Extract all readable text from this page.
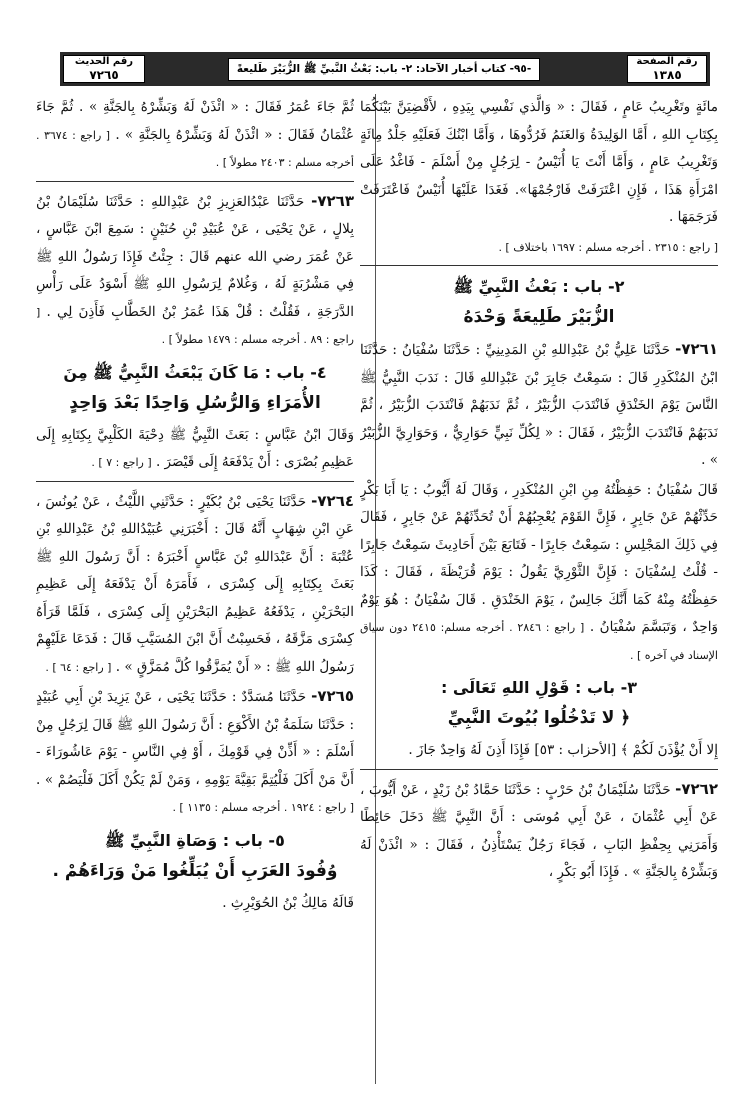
رقم الصفحة
١٣٨٥
-٩٥- كتاب أخبار الآحاد: ٢- باب: بَعْثُ النَّبيِّ ﷺ الزُّبَيْرَ طَليعةً
رقم الحديث
٧٢٦٥

مائَةٍ وتَغْرِيبُ عَامٍ ، فَقَالَ : « وَالَّذي نَفْسِي بِيَدِهِ ، لأَقْضِيَنَّ بَيْنَكُمَا بِكِتَابِ اللهِ ، أَمَّا الوَلِيدَةُ وَالغَنَمُ فَرُدُّوهَا ، وَأَمَّا ابْنُكَ فَعَلَيْهِ جَلْدُ مِائَةٍ وَتَغْرِيبُ عَامٍ ، وَأَمَّا أَنْتَ يَا أُنَيْسُ - لِرَجُلٍ مِنْ أَسْلَمَ - فَاغْدُ عَلَى امْرَأَةِ هَذَا ، فَإِنِ اعْتَرَفَتْ فَارْجُمْهَا». فَغَدَا عَلَيْهَا أُنَيْسٌ فَاعْتَرَفَتْ فَرَجَمَهَا .

[ راجع : ٢٣١٥ . أخرجه مسلم : ١٦٩٧ باختلاف ] .

٢- باب : بَعْثُ النَّبِيِّ ﷺ
الزُّبَيْرَ طَلِيعَةً وَحْدَهُ

٧٢٦١- حَدَّثَنَا عَلِيُّ بْنُ عَبْدِاللهِ بْنِ المَدِينِيِّ : حَدَّثَنَا سُفْيَانُ : حَدَّثَنَا ابْنُ المُنْكَدِرِ قَالَ : سَمِعْتُ جَابِرَ بْنَ عَبْدِاللهِ قَالَ : نَدَبَ النَّبِيُّ ﷺ النَّاسَ يَوْمَ الخَنْدَقِ فَانْتَدَبَ الزُّبَيْرُ ، ثُمَّ نَدَبَهُمْ فَانْتَدَبَ الزُّبَيْرُ ، ثُمَّ نَدَبَهُمْ فَانْتَدَبَ الزُّبَيْرُ ، فَقَالَ : « لِكُلِّ نَبِيٍّ حَوَارِيٌّ ، وَحَوَارِيَّ الزُّبَيْرُ » .

قَالَ سُفْيَانُ : حَفِظْتُهُ مِنِ ابْنِ المُنْكَدِرِ ، وَقَالَ لَهُ أَيُّوبُ : يَا أَبَا بَكْرٍ حَدِّثْهُمْ عَنْ جَابِرٍ ، فَإِنَّ القَوْمَ يُعْجِبُهُمْ أَنْ تُحَدِّثَهُمْ عَنْ جَابِرٍ ، فَقَالَ فِي ذَلِكَ المَجْلِسِ : سَمِعْتُ جَابِرًا - فَتَابَعَ بَيْنَ أَحَادِيثَ سَمِعْتُ جَابِرًا - قُلْتُ لِسُفْيَانَ : فَإِنَّ الثَّوْرِيَّ يَقُولُ : يَوْمَ قُرَيْظَةَ ، فَقَالَ : كَذَا حَفِظْتُهُ مِنْهُ كَمَا أَنَّكَ جَالِسٌ ، يَوْمَ الخَنْدَقِ . قَالَ سُفْيَانُ : هُوَ يَوْمٌ وَاحِدٌ ، وَتَبَسَّمَ سُفْيَانُ . [ راجع : ٢٨٤٦ . أخرجه مسلم: ٢٤١٥ دون سياق الإسناد في آخره ] .

٣- باب : قَوْلِ اللهِ تَعَالَى :
﴿ لا تَدْخُلُوا بُيُوتَ النَّبِيِّ

إِلا أَنْ يُؤْذَنَ لَكُمْ ﴾ [الأحزاب : ٥٣] فَإِذَا أَذِنَ لَهُ وَاحِدٌ جَازَ .

٧٢٦٢- حَدَّثَنَا سُلَيْمَانُ بْنُ حَرْبٍ : حَدَّثَنَا حَمَّادُ بْنُ زَيْدٍ ، عَنْ أَيُّوبَ ، عَنْ أَبِي عُثْمَانَ ، عَنْ أَبِي مُوسَى : أَنَّ النَّبِيَّ ﷺ دَخَلَ حَائِطًا وَأَمَرَنِي بِحِفْظِ البَابِ ، فَجَاءَ رَجُلٌ يَسْتَأْذِنُ ، فَقَالَ : « ائْذَنْ لَهُ وَبَشِّرْهُ بِالجَنَّةِ » . فَإِذَا أَبُو بَكْرٍ ،

ثُمَّ جَاءَ عُمَرُ فَقَالَ : « ائْذَنْ لَهُ وَبَشِّرْهُ بِالجَنَّةِ » . ثُمَّ جَاءَ عُثْمَانُ فَقَالَ : « ائْذَنْ لَهُ وَبَشِّرْهُ بِالجَنَّةِ » . [ راجع : ٣٦٧٤ . أخرجه مسلم : ٢٤٠٣ مطولاً ] .

٧٢٦٣- حَدَّثَنَا عَبْدُالعَزِيزِ بْنُ عَبْدِاللهِ : حَدَّثَنَا سُلَيْمَانُ بْنُ بِلالٍ ، عَنْ يَحْيَى ، عَنْ عُبَيْدِ بْنِ حُنَيْنٍ : سَمِعَ ابْنَ عَبَّاسٍ ، عَنْ عُمَرَ رضي الله عنهم قَالَ : جِئْتُ فَإِذَا رَسُولُ اللهِ ﷺ فِي مَشْرُبَةٍ لَهُ ، وَغُلامٌ لِرَسُولِ اللهِ ﷺ أَسْوَدُ عَلَى رَأْسِ الدَّرَجَةِ ، فَقُلْتُ : قُلْ هَذَا عُمَرُ بْنُ الخَطَّابِ فَأَذِنَ لِي . [ راجع : ٨٩ . أخرجه مسلم : ١٤٧٩ مطولاً ] .

٤- باب : مَا كَانَ يَبْعَثُ النَّبِيُّ ﷺ مِنَ
الأُمَرَاءِ وَالرُّسُلِ وَاحِدًا بَعْدَ وَاحِدٍ

وَقَالَ ابْنُ عَبَّاسٍ : بَعَثَ النَّبِيُّ ﷺ دِحْيَةَ الكَلْبِيَّ بِكِتَابِهِ إِلَى عَظِيمِ بُصْرَى : أَنْ يَدْفَعَهُ إِلَى قَيْصَرَ . [ راجع : ٧ ] .

٧٢٦٤- حَدَّثَنَا يَحْيَى بْنُ بُكَيْرٍ : حَدَّثَنِي اللَّيْثُ ، عَنْ يُونُسَ ، عَنِ ابْنِ شِهَابٍ أَنَّهُ قَالَ : أَخْبَرَنِي عُبَيْدُاللهِ بْنُ عَبْدِاللهِ بْنِ عُتْبَةَ : أَنَّ عَبْدَاللهِ بْنَ عَبَّاسٍ أَخْبَرَهُ : أَنَّ رَسُولَ اللهِ ﷺ بَعَثَ بِكِتَابِهِ إِلَى كِسْرَى ، فَأَمَرَهُ أَنْ يَدْفَعَهُ إِلَى عَظِيمِ البَحْرَيْنِ ، يَدْفَعُهُ عَظِيمُ البَحْرَيْنِ إِلَى كِسْرَى ، فَلَمَّا قَرَأَهُ كِسْرَى مَزَّقَهُ ، فَحَسِبْتُ أَنَّ ابْنَ المُسَيَّبِ قَالَ : فَدَعَا عَلَيْهِمْ رَسُولُ اللهِ ﷺ : « أَنْ يُمَزَّقُوا كُلَّ مُمَزَّقٍ » . [ راجع : ٦٤ ] .

٧٢٦٥- حَدَّثَنَا مُسَدَّدٌ : حَدَّثَنَا يَحْيَى ، عَنْ يَزِيدَ بْنِ أَبِي عُبَيْدٍ : حَدَّثَنَا سَلَمَةُ بْنُ الأَكْوَعِ : أَنَّ رَسُولَ اللهِ ﷺ قَالَ لِرَجُلٍ مِنْ أَسْلَمَ : « أَذِّنْ فِي قَوْمِكَ ، أَوْ فِي النَّاسِ - يَوْمَ عَاشُورَاءَ - أَنَّ مَنْ أَكَلَ فَلْيُتِمَّ بَقِيَّةَ يَوْمِهِ ، وَمَنْ لَمْ يَكُنْ أَكَلَ فَلْيَصُمْ » . [ راجع : ١٩٢٤ . أخرجه مسلم : ١١٣٥ ] .

٥- باب : وَصَاةِ النَّبِيِّ ﷺ
وُفُودَ العَرَبِ أَنْ يُبَلِّغُوا مَنْ وَرَاءَهُمْ .

قَالَهُ مَالِكُ بْنُ الحُوَيْرِثِ .
